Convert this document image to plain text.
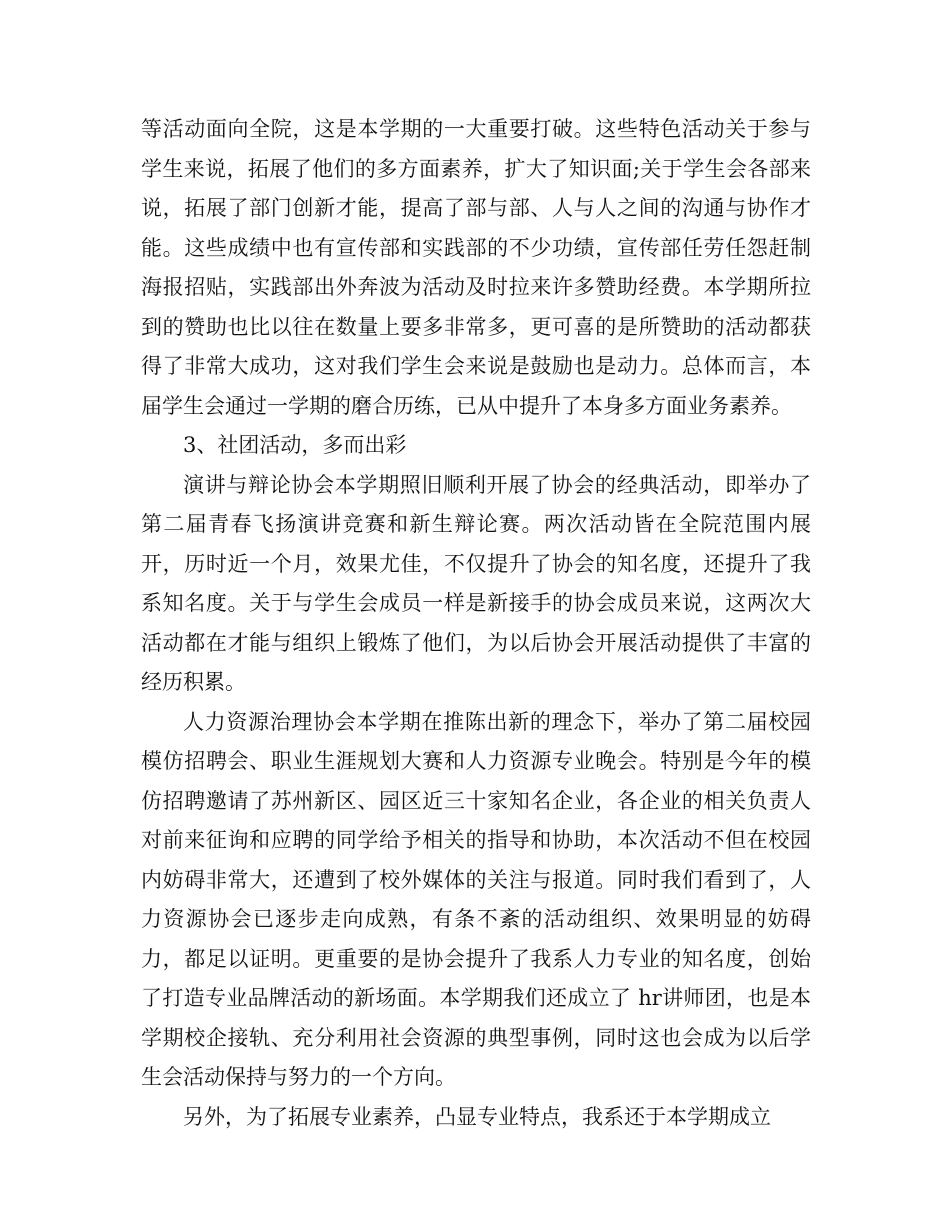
等活动面向全院，这是本学期的一大重要打破。这些特色活动关于参与学生来说，拓展了他们的多方面素养，扩大了知识面;关于学生会各部来说，拓展了部门创新才能，提高了部与部、人与人之间的沟通与协作才能。这些成绩中也有宣传部和实践部的不少功绩，宣传部任劳任怨赶制海报招贴，实践部出外奔波为活动及时拉来许多赞助经费。本学期所拉到的赞助也比以往在数量上要多非常多，更可喜的是所赞助的活动都获得了非常大成功，这对我们学生会来说是鼓励也是动力。总体而言，本届学生会通过一学期的磨合历练，已从中提升了本身多方面业务素养。

3、社团活动，多而出彩

演讲与辩论协会本学期照旧顺利开展了协会的经典活动，即举办了第二届青春飞扬演讲竞赛和新生辩论赛。两次活动皆在全院范围内展开，历时近一个月，效果尤佳，不仅提升了协会的知名度，还提升了我系知名度。关于与学生会成员一样是新接手的协会成员来说，这两次大活动都在才能与组织上锻炼了他们，为以后协会开展活动提供了丰富的经历积累。

人力资源治理协会本学期在推陈出新的理念下，举办了第二届校园模仿招聘会、职业生涯规划大赛和人力资源专业晚会。特别是今年的模仿招聘邀请了苏州新区、园区近三十家知名企业，各企业的相关负责人对前来征询和应聘的同学给予相关的指导和协助，本次活动不但在校园内妨碍非常大，还遭到了校外媒体的关注与报道。同时我们看到了，人力资源协会已逐步走向成熟，有条不紊的活动组织、效果明显的妨碍力，都足以证明。更重要的是协会提升了我系人力专业的知名度，创始了打造专业品牌活动的新场面。本学期我们还成立了 hr讲师团，也是本学期校企接轨、充分利用社会资源的典型事例，同时这也会成为以后学生会活动保持与努力的一个方向。

另外，为了拓展专业素养，凸显专业特点，我系还于本学期成立
